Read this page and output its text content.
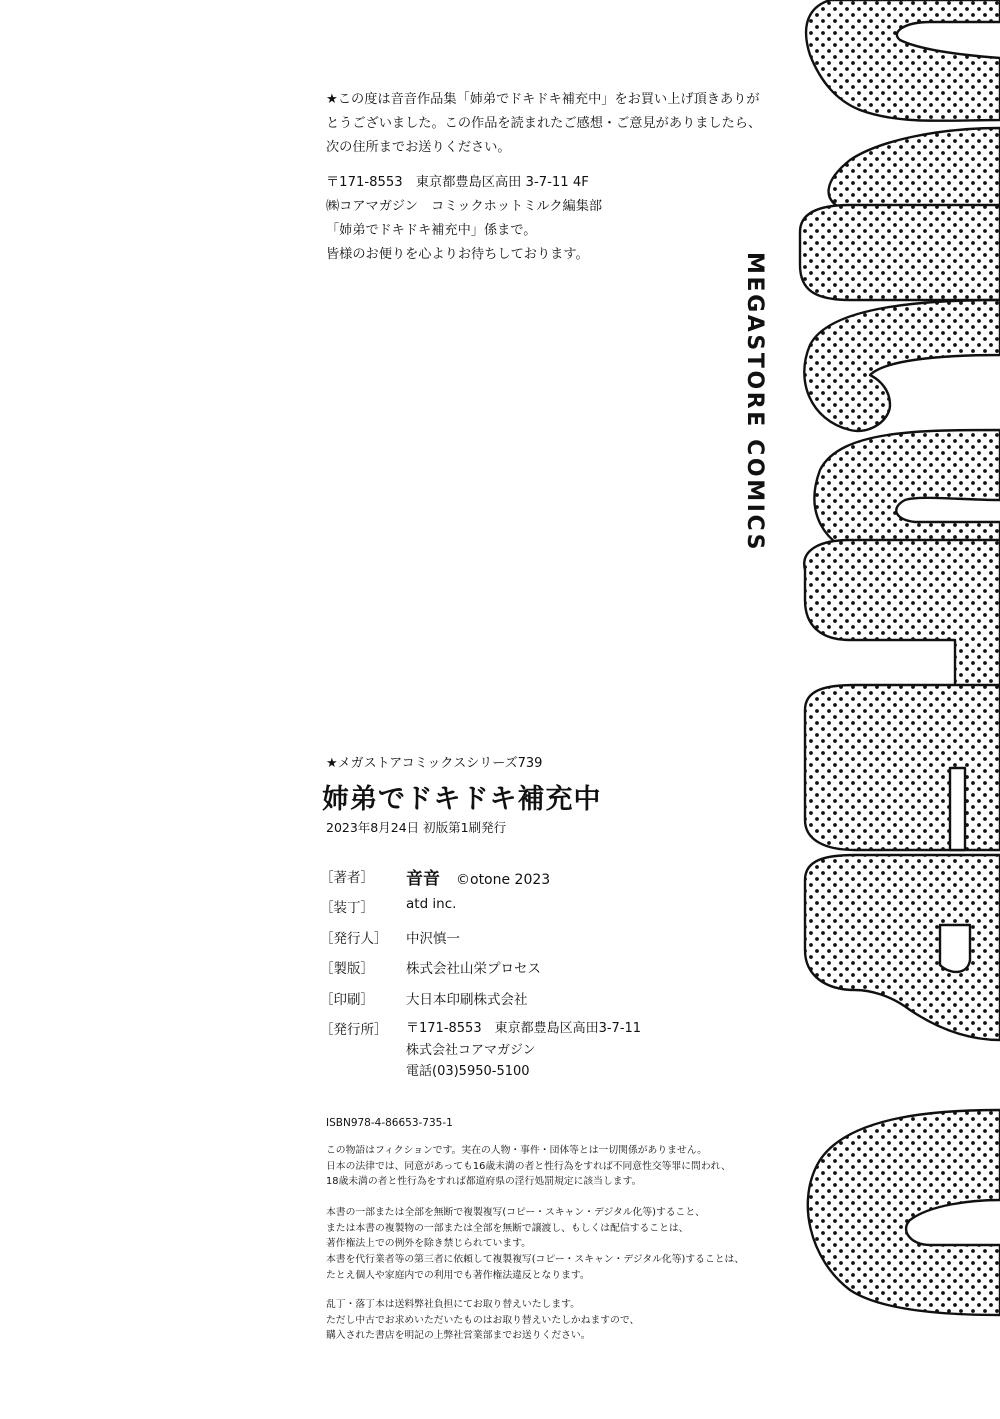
★この度は音音作品集「姉弟でドキドキ補充中」をお買い上げ頂きありが

とうございました。この作品を読まれたご感想・ご意見がありましたら、

次の住所までお送りください。

〒171-8553　東京都豊島区高田 3-7-11 4F

㈱コアマガジン　コミックホットミルク編集部

「姉弟でドキドキ補充中」係まで。

皆様のお便りを心よりお待ちしております。

★メガストアコミックスシリーズ739
姉弟でドキドキ補充中
2023年8月24日 初版第1刷発行
［著者］	音音 ©otone 2023
［装丁］	atd inc.
［発行人］	中沢慎一
［製版］	株式会社山栄プロセス
［印刷］	大日本印刷株式会社
［発行所］	〒171-8553　東京都豊島区高田3-7-11
株式会社コアマガジン
電話(03)5950-5100
ISBN978-4-86653-735-1

この物語はフィクションです。実在の人物・事件・団体等とは一切関係がありません。

日本の法律では、同意があっても16歳未満の者と性行為をすれば不同意性交等罪に問われ、

18歳未満の者と性行為をすれば都道府県の淫行処罰規定に該当します。

本書の一部または全部を無断で複製複写(コピー・スキャン・デジタル化等)すること、

または本書の複製物の一部または全部を無断で譲渡し、もしくは配信することは、

著作権法上での例外を除き禁じられています。

本書を代行業者等の第三者に依頼して複製複写(コピー・スキャン・デジタル化等)することは、

たとえ個人や家庭内での利用でも著作権法違反となります。

乱丁・落丁本は送料弊社負担にてお取り替えいたします。

ただし中古でお求めいただいたものはお取り替えいたしかねますので、

購入された書店を明記の上弊社営業部までお送りください。

MEGASTORE COMICS
